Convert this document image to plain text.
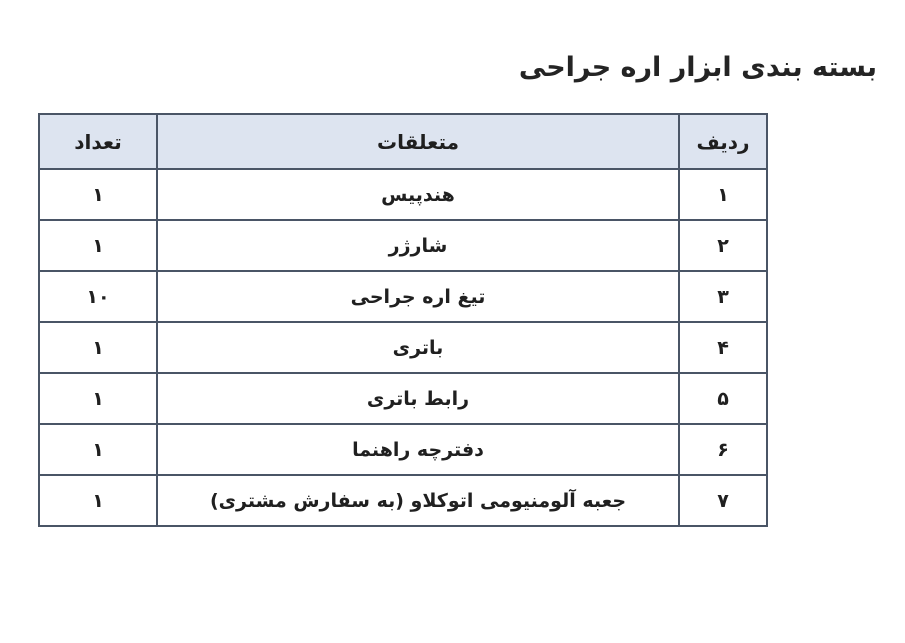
بسته بندی ابزار اره جراحی
ردیف	متعلقات	تعداد
۱	هندپیس	۱
۲	شارژر	۱
۳	تیغ اره جراحی	۱۰
۴	باتری	۱
۵	رابط باتری	۱
۶	دفترچه راهنما	۱
۷	جعبه آلومنیومی اتوکلاو (به سفارش مشتری)	۱
